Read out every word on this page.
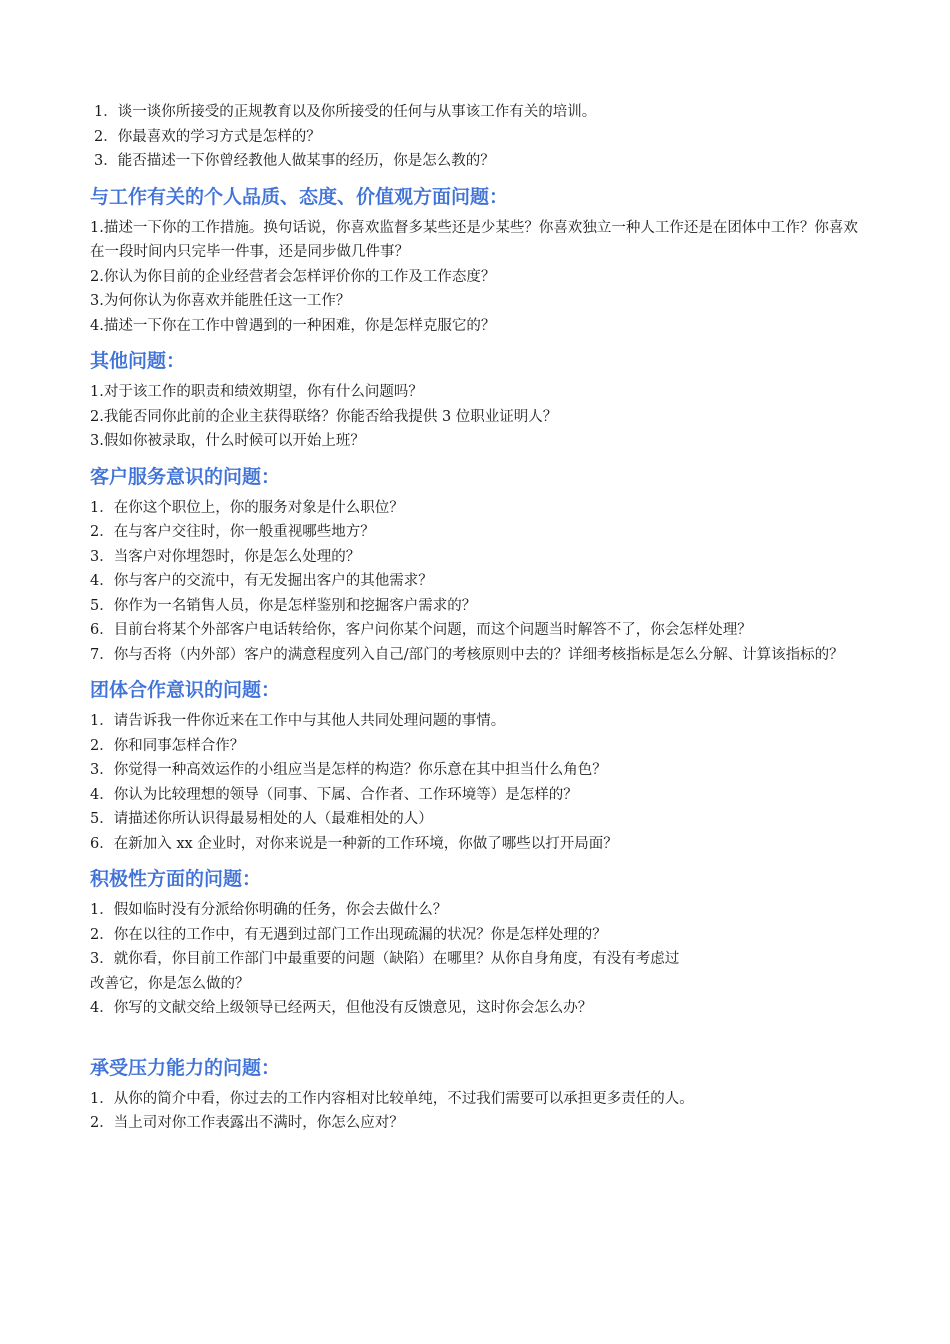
1．谈一谈你所接受的正规教育以及你所接受的任何与从事该工作有关的培训。

2．你最喜欢的学习方式是怎样的？

3．能否描述一下你曾经教他人做某事的经历，你是怎么教的？

与工作有关的个人品质、态度、价值观方面问题：

1.描述一下你的工作措施。换句话说，你喜欢监督多某些还是少某些？你喜欢独立一种人工作还是在团体中工作？你喜欢在一段时间内只完毕一件事，还是同步做几件事？

2.你认为你目前的企业经营者会怎样评价你的工作及工作态度？

3.为何你认为你喜欢并能胜任这一工作？

4.描述一下你在工作中曾遇到的一种困难，你是怎样克服它的？

其他问题：

1.对于该工作的职责和绩效期望，你有什么问题吗？

2.我能否同你此前的企业主获得联络？你能否给我提供 3 位职业证明人？

3.假如你被录取，什么时候可以开始上班？

客户服务意识的问题：

1．在你这个职位上，你的服务对象是什么职位？

2．在与客户交往时，你一般重视哪些地方？

3．当客户对你埋怨时，你是怎么处理的？

4．你与客户的交流中，有无发掘出客户的其他需求？

5．你作为一名销售人员，你是怎样鉴别和挖掘客户需求的？

6．目前台将某个外部客户电话转给你，客户问你某个问题，而这个问题当时解答不了，你会怎样处理？

7．你与否将（内外部）客户的满意程度列入自己/部门的考核原则中去的？详细考核指标是怎么分解、计算该指标的？

团体合作意识的问题：

1．请告诉我一件你近来在工作中与其他人共同处理问题的事情。

2．你和同事怎样合作？

3．你觉得一种高效运作的小组应当是怎样的构造？你乐意在其中担当什么角色？

4．你认为比较理想的领导（同事、下属、合作者、工作环境等）是怎样的？

5．请描述你所认识得最易相处的人（最难相处的人）

6．在新加入 xx 企业时，对你来说是一种新的工作环境，你做了哪些以打开局面？

积极性方面的问题：

1．假如临时没有分派给你明确的任务，你会去做什么？

2．你在以往的工作中，有无遇到过部门工作出现疏漏的状况？你是怎样处理的？

3．就你看，你目前工作部门中最重要的问题（缺陷）在哪里？从你自身角度，有没有考虑过改善它，你是怎么做的？

4．你写的文献交给上级领导已经两天，但他没有反馈意见，这时你会怎么办？

承受压力能力的问题：

1．从你的简介中看，你过去的工作内容相对比较单纯，不过我们需要可以承担更多责任的人。

2．当上司对你工作表露出不满时，你怎么应对？
